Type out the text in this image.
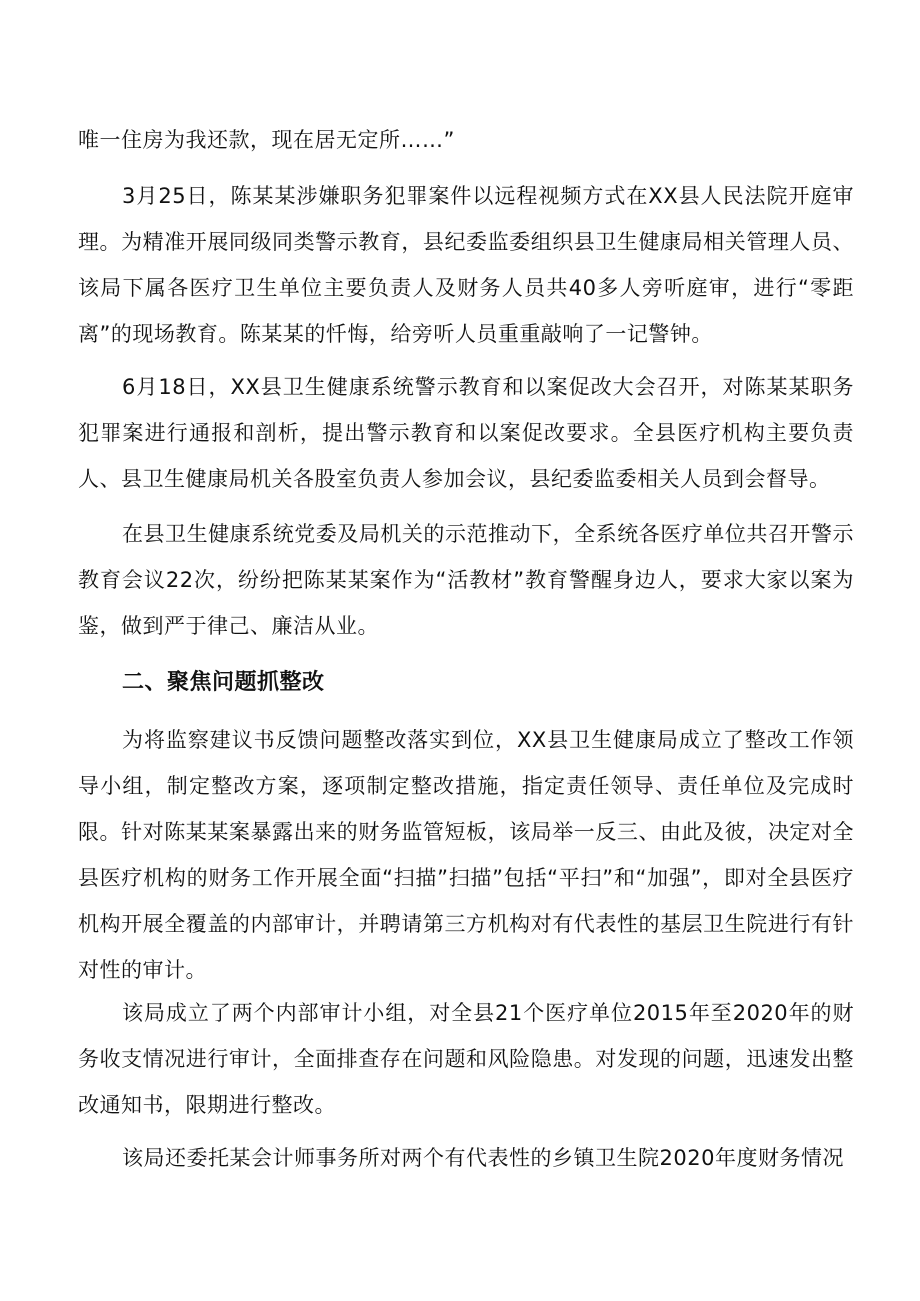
唯一住房为我还款，现在居无定所……”

3月25日，陈某某涉嫌职务犯罪案件以远程视频方式在XX县人民法院开庭审理。为精准开展同级同类警示教育，县纪委监委组织县卫生健康局相关管理人员、该局下属各医疗卫生单位主要负责人及财务人员共40多人旁听庭审，进行“零距离”的现场教育。陈某某的忏悔，给旁听人员重重敲响了一记警钟。

6月18日，XX县卫生健康系统警示教育和以案促改大会召开，对陈某某职务犯罪案进行通报和剖析，提出警示教育和以案促改要求。全县医疗机构主要负责人、县卫生健康局机关各股室负责人参加会议，县纪委监委相关人员到会督导。

在县卫生健康系统党委及局机关的示范推动下，全系统各医疗单位共召开警示教育会议22次，纷纷把陈某某案作为“活教材”教育警醒身边人，要求大家以案为鉴，做到严于律己、廉洁从业。

二、聚焦问题抓整改

为将监察建议书反馈问题整改落实到位，XX县卫生健康局成立了整改工作领导小组，制定整改方案，逐项制定整改措施，指定责任领导、责任单位及完成时限。针对陈某某案暴露出来的财务监管短板，该局举一反三、由此及彼，决定对全县医疗机构的财务工作开展全面“扫描”扫描”包括“平扫”和“加强”，即对全县医疗机构开展全覆盖的内部审计，并聘请第三方机构对有代表性的基层卫生院进行有针对性的审计。

该局成立了两个内部审计小组，对全县21个医疗单位2015年至2020年的财务收支情况进行审计，全面排查存在问题和风险隐患。对发现的问题，迅速发出整改通知书，限期进行整改。

该局还委托某会计师事务所对两个有代表性的乡镇卫生院2020年度财务情况
